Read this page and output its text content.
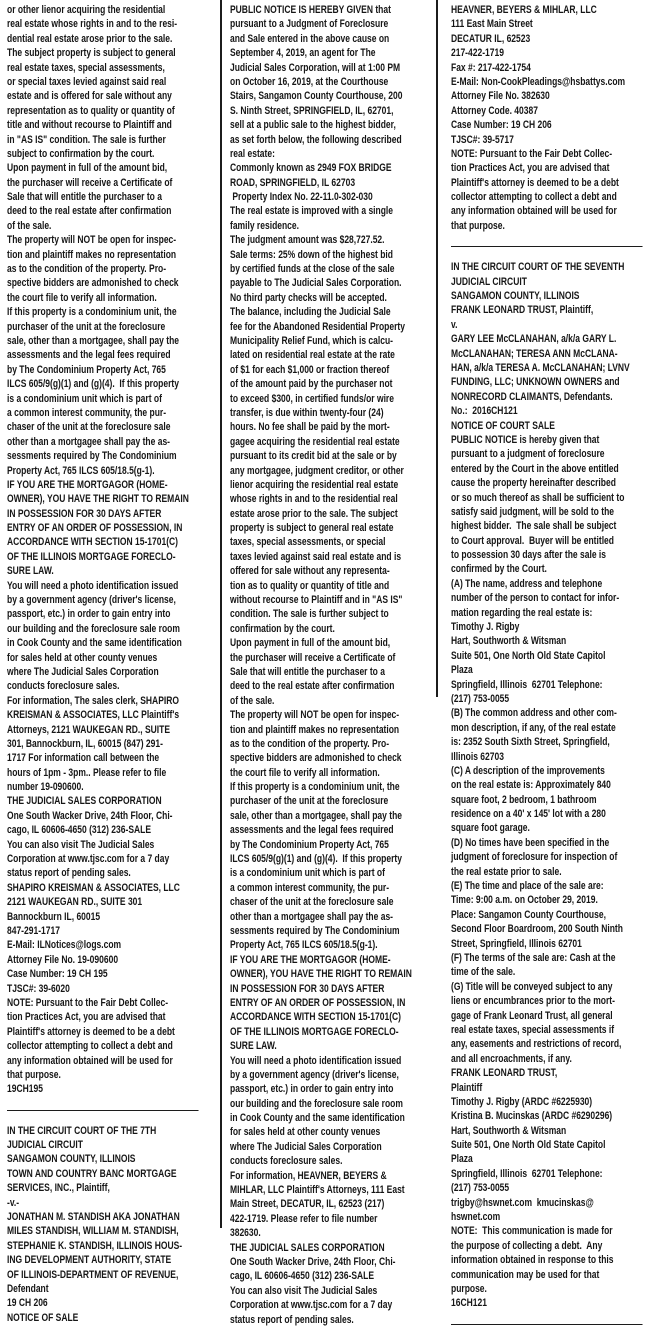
or other lienor acquiring the residential
real estate whose rights in and to the resi-
dential real estate arose prior to the sale.
The subject property is subject to general
real estate taxes, special assessments,
or special taxes levied against said real
estate and is offered for sale without any
representation as to quality or quantity of
title and without recourse to Plaintiff and
in "AS IS" condition. The sale is further
subject to confirmation by the court.
Upon payment in full of the amount bid,
the purchaser will receive a Certificate of
Sale that will entitle the purchaser to a
deed to the real estate after confirmation
of the sale.
The property will NOT be open for inspec-
tion and plaintiff makes no representation
as to the condition of the property. Pro-
spective bidders are admonished to check
the court file to verify all information.
If this property is a condominium unit, the
purchaser of the unit at the foreclosure
sale, other than a mortgagee, shall pay the
assessments and the legal fees required
by The Condominium Property Act, 765
ILCS 605/9(g)(1) and (g)(4).  If this property
is a condominium unit which is part of
a common interest community, the pur-
chaser of the unit at the foreclosure sale
other than a mortgagee shall pay the as-
sessments required by The Condominium
Property Act, 765 ILCS 605/18.5(g-1).
IF YOU ARE THE MORTGAGOR (HOME-
OWNER), YOU HAVE THE RIGHT TO REMAIN
IN POSSESSION FOR 30 DAYS AFTER
ENTRY OF AN ORDER OF POSSESSION, IN
ACCORDANCE WITH SECTION 15-1701(C)
OF THE ILLINOIS MORTGAGE FORECLO-
SURE LAW.
You will need a photo identification issued
by a government agency (driver's license,
passport, etc.) in order to gain entry into
our building and the foreclosure sale room
in Cook County and the same identification
for sales held at other county venues
where The Judicial Sales Corporation
conducts foreclosure sales.
For information, The sales clerk, SHAPIRO
KREISMAN & ASSOCIATES, LLC Plaintiff's
Attorneys, 2121 WAUKEGAN RD., SUITE
301, Bannockburn, IL, 60015 (847) 291-
1717 For information call between the
hours of 1pm - 3pm.. Please refer to file
number 19-090600.
THE JUDICIAL SALES CORPORATION
One South Wacker Drive, 24th Floor, Chi-
cago, IL 60606-4650 (312) 236-SALE
You can also visit The Judicial Sales
Corporation at www.tjsc.com for a 7 day
status report of pending sales.
SHAPIRO KREISMAN & ASSOCIATES, LLC
2121 WAUKEGAN RD., SUITE 301
Bannockburn IL, 60015
847-291-1717
E-Mail: ILNotices@logs.com
Attorney File No. 19-090600
Case Number: 19 CH 195
TJSC#: 39-6020
NOTE: Pursuant to the Fair Debt Collec-
tion Practices Act, you are advised that
Plaintiff's attorney is deemed to be a debt
collector attempting to collect a debt and
any information obtained will be used for
that purpose.
19CH195
IN THE CIRCUIT COURT OF THE 7TH
JUDICIAL CIRCUIT
SANGAMON COUNTY, ILLINOIS
TOWN AND COUNTRY BANC MORTGAGE
SERVICES, INC., Plaintiff,
-v.-
JONATHAN M. STANDISH AKA JONATHAN
MILES STANDISH, WILLIAM M. STANDISH,
STEPHANIE K. STANDISH, ILLINOIS HOUS-
ING DEVELOPMENT AUTHORITY, STATE
OF ILLINOIS-DEPARTMENT OF REVENUE,
Defendant
19 CH 206
NOTICE OF SALE
PUBLIC NOTICE IS HEREBY GIVEN that
pursuant to a Judgment of Foreclosure
and Sale entered in the above cause on
September 4, 2019, an agent for The
Judicial Sales Corporation, will at 1:00 PM
on October 16, 2019, at the Courthouse
Stairs, Sangamon County Courthouse, 200
S. Ninth Street, SPRINGFIELD, IL, 62701,
sell at a public sale to the highest bidder,
as set forth below, the following described
real estate:
Commonly known as 2949 FOX BRIDGE
ROAD, SPRINGFIELD, IL 62703
Property Index No. 22-11.0-302-030
The real estate is improved with a single
family residence.
The judgment amount was $28,727.52.
Sale terms: 25% down of the highest bid
by certified funds at the close of the sale
payable to The Judicial Sales Corporation.
No third party checks will be accepted.
The balance, including the Judicial Sale
fee for the Abandoned Residential Property
Municipality Relief Fund, which is calcu-
lated on residential real estate at the rate
of $1 for each $1,000 or fraction thereof
of the amount paid by the purchaser not
to exceed $300, in certified funds/or wire
transfer, is due within twenty-four (24)
hours. No fee shall be paid by the mort-
gagee acquiring the residential real estate
pursuant to its credit bid at the sale or by
any mortgagee, judgment creditor, or other
lienor acquiring the residential real estate
whose rights in and to the residential real
estate arose prior to the sale. The subject
property is subject to general real estate
taxes, special assessments, or special
taxes levied against said real estate and is
offered for sale without any representa-
tion as to quality or quantity of title and
without recourse to Plaintiff and in "AS IS"
condition. The sale is further subject to
confirmation by the court.
Upon payment in full of the amount bid,
the purchaser will receive a Certificate of
Sale that will entitle the purchaser to a
deed to the real estate after confirmation
of the sale.
The property will NOT be open for inspec-
tion and plaintiff makes no representation
as to the condition of the property. Pro-
spective bidders are admonished to check
the court file to verify all information.
If this property is a condominium unit, the
purchaser of the unit at the foreclosure
sale, other than a mortgagee, shall pay the
assessments and the legal fees required
by The Condominium Property Act, 765
ILCS 605/9(g)(1) and (g)(4).  If this property
is a condominium unit which is part of
a common interest community, the pur-
chaser of the unit at the foreclosure sale
other than a mortgagee shall pay the as-
sessments required by The Condominium
Property Act, 765 ILCS 605/18.5(g-1).
IF YOU ARE THE MORTGAGOR (HOME-
OWNER), YOU HAVE THE RIGHT TO REMAIN
IN POSSESSION FOR 30 DAYS AFTER
ENTRY OF AN ORDER OF POSSESSION, IN
ACCORDANCE WITH SECTION 15-1701(C)
OF THE ILLINOIS MORTGAGE FORECLO-
SURE LAW.
You will need a photo identification issued
by a government agency (driver's license,
passport, etc.) in order to gain entry into
our building and the foreclosure sale room
in Cook County and the same identification
for sales held at other county venues
where The Judicial Sales Corporation
conducts foreclosure sales.
For information, HEAVNER, BEYERS &
MIHLAR, LLC Plaintiff's Attorneys, 111 East
Main Street, DECATUR, IL, 62523 (217)
422-1719. Please refer to file number
382630.
THE JUDICIAL SALES CORPORATION
One South Wacker Drive, 24th Floor, Chi-
cago, IL 60606-4650 (312) 236-SALE
You can also visit The Judicial Sales
Corporation at www.tjsc.com for a 7 day
status report of pending sales.
HEAVNER, BEYERS & MIHLAR, LLC
111 East Main Street
DECATUR IL, 62523
217-422-1719
Fax #: 217-422-1754
E-Mail: Non-CookPleadings@hsbattys.com
Attorney File No. 382630
Attorney Code. 40387
Case Number: 19 CH 206
TJSC#: 39-5717
NOTE: Pursuant to the Fair Debt Collec-
tion Practices Act, you are advised that
Plaintiff's attorney is deemed to be a debt
collector attempting to collect a debt and
any information obtained will be used for
that purpose.
IN THE CIRCUIT COURT OF THE SEVENTH
JUDICIAL CIRCUIT
SANGAMON COUNTY, ILLINOIS
FRANK LEONARD TRUST, Plaintiff,
v.
GARY LEE McCLANAHAN, a/k/a GARY L.
McCLANAHAN; TERESA ANN McCLANA-
HAN, a/k/a TERESA A. McCLANAHAN; LVNV
FUNDING, LLC; UNKNOWN OWNERS and
NONRECORD CLAIMANTS, Defendants.
No.:  2016CH121
NOTICE OF COURT SALE
PUBLIC NOTICE is hereby given that
pursuant to a judgment of foreclosure
entered by the Court in the above entitled
cause the property hereinafter described
or so much thereof as shall be sufficient to
satisfy said judgment, will be sold to the
highest bidder.  The sale shall be subject
to Court approval.  Buyer will be entitled
to possession 30 days after the sale is
confirmed by the Court.
(A) The name, address and telephone
number of the person to contact for infor-
mation regarding the real estate is:
Timothy J. Rigby
Hart, Southworth & Witsman
Suite 501, One North Old State Capitol
Plaza
Springfield, Illinois  62701 Telephone:
(217) 753-0055
(B) The common address and other com-
mon description, if any, of the real estate
is: 2352 South Sixth Street, Springfield,
Illinois 62703
(C) A description of the improvements
on the real estate is: Approximately 840
square foot, 2 bedroom, 1 bathroom
residence on a 40' x 145' lot with a 280
square foot garage.
(D) No times have been specified in the
judgment of foreclosure for inspection of
the real estate prior to sale.
(E) The time and place of the sale are:
Time: 9:00 a.m. on October 29, 2019.
Place: Sangamon County Courthouse,
Second Floor Boardroom, 200 South Ninth
Street, Springfield, Illinois 62701
(F) The terms of the sale are: Cash at the
time of the sale.
(G) Title will be conveyed subject to any
liens or encumbrances prior to the mort-
gage of Frank Leonard Trust, all general
real estate taxes, special assessments if
any, easements and restrictions of record,
and all encroachments, if any.
FRANK LEONARD TRUST,
Plaintiff
Timothy J. Rigby (ARDC #6225930)
Kristina B. Mucinskas (ARDC #6290296)
Hart, Southworth & Witsman
Suite 501, One North Old State Capitol
Plaza
Springfield, Illinois  62701 Telephone:
(217) 753-0055
trigby@hswnet.com  kmucinskas@
hswnet.com
NOTE:  This communication is made for
the purpose of collecting a debt.  Any
information obtained in response to this
communication may be used for that
purpose.
16CH121
